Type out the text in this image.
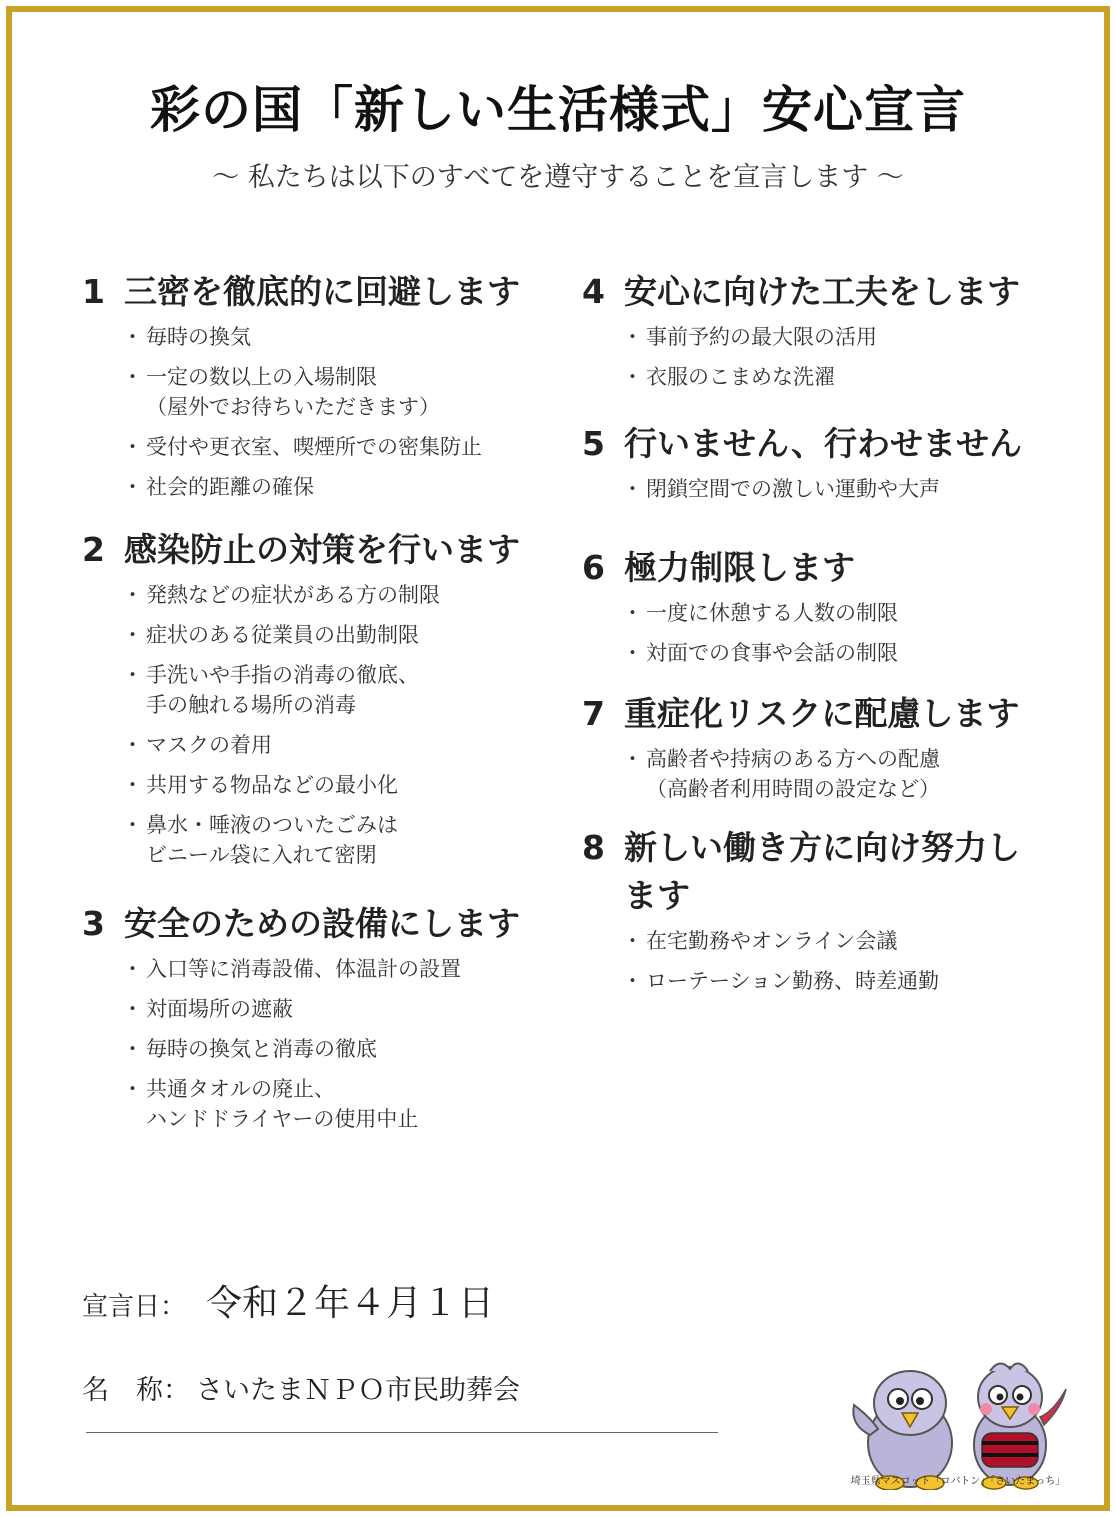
彩の国「新しい生活様式」安心宣言
～ 私たちは以下のすべてを遵守することを宣言します ～
1 三密を徹底的に回避します
・ 毎時の換気
・ 一定の数以上の入場制限
（屋外でお待ちいただきます）
・ 受付や更衣室、喫煙所での密集防止
・ 社会的距離の確保
2 感染防止の対策を行います
・ 発熱などの症状がある方の制限
・ 症状のある従業員の出勤制限
・ 手洗いや手指の消毒の徹底、
手の触れる場所の消毒
・ マスクの着用
・ 共用する物品などの最小化
・ 鼻水・唾液のついたごみは
ビニール袋に入れて密閉
3 安全のための設備にします
・ 入口等に消毒設備、体温計の設置
・ 対面場所の遮蔽
・ 毎時の換気と消毒の徹底
・ 共通タオルの廃止、
ハンドドライヤーの使用中止
4 安心に向けた工夫をします
・ 事前予約の最大限の活用
・ 衣服のこまめな洗濯
5 行いません、行わせません
・ 閉鎖空間での激しい運動や大声
6 極力制限します
・ 一度に休憩する人数の制限
・ 対面での食事や会話の制限
7 重症化リスクに配慮します
・ 高齢者や持病のある方への配慮
（高齢者利用時間の設定など）
8 新しい働き方に向け努力します
・ 在宅勤務やオンライン会議
・ ローテーション勤務、時差通勤
宣言日： 令和２年４月１日
名　称： さいたまＮＰＯ市民助葬会
埼玉県マスコット「コバトン」「さいたまっち」
